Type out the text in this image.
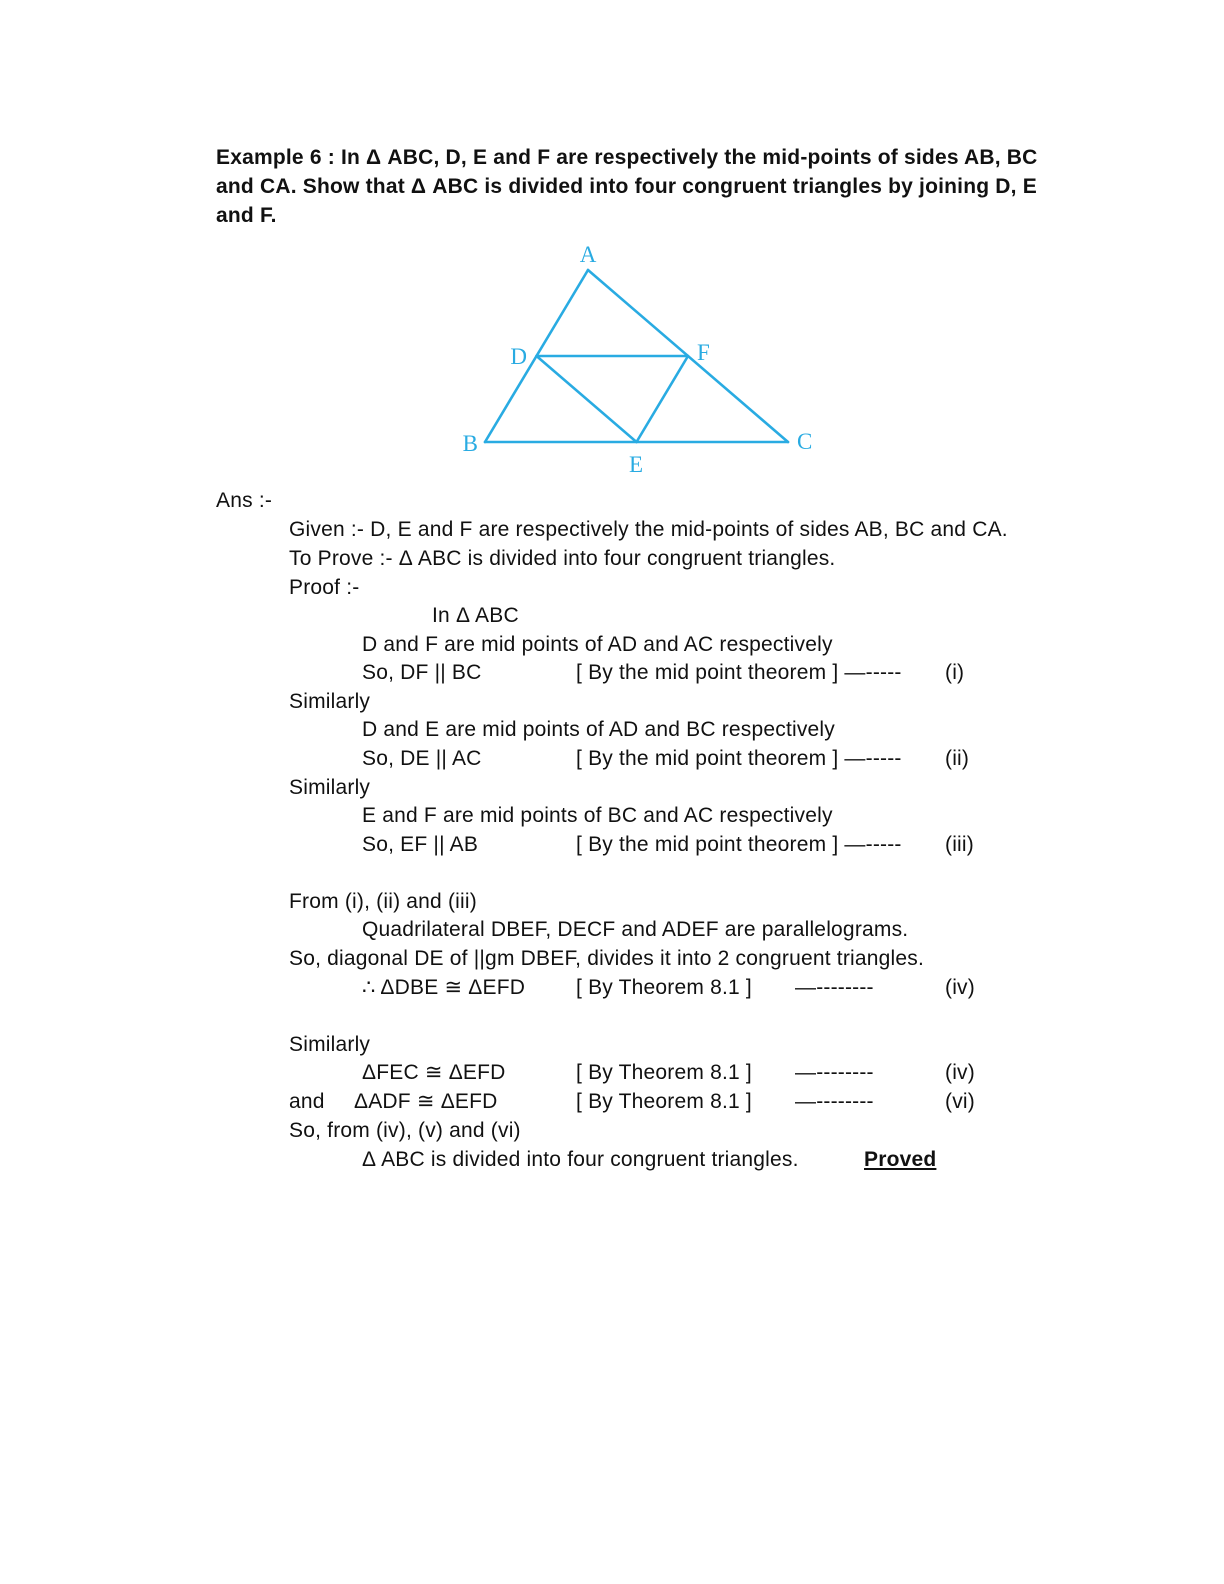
Example 6 : In Δ ABC, D, E and F are respectively the mid-points of sides AB, BC
and CA. Show that Δ ABC is divided into four congruent triangles by joining D, E
and F.
A
B	C
D
E
F
Ans :-
Given :- D, E and F are respectively the mid-points of sides AB, BC and CA.
To Prove :- Δ ABC is divided into four congruent triangles.
Proof :-
In Δ ABC
D and F are mid points of AD and AC respectively
So, DF || BC	[ By the mid point theorem ] —----- (i)
Similarly
D and E are mid points of AD and BC respectively
So, DE || AC	[ By the mid point theorem ] —----- (ii)
Similarly
E and F are mid points of BC and AC respectively
So, EF || AB	[ By the mid point theorem ] —----- (iii)
From (i), (ii) and (iii)
Quadrilateral DBEF, DECF and ADEF are parallelograms.
So, diagonal DE of ||gm DBEF, divides it into 2 congruent triangles.
∴ ΔDBE ≅ ΔEFD [ By Theorem 8.1 ] —--------	(iv)
Similarly
ΔFEC ≅ ΔEFD	[ By Theorem 8.1 ] —--------	(iv)
and ΔADF ≅ ΔEFD	[ By Theorem 8.1 ] —--------	(vi)
So, from (iv), (v) and (vi)
Δ ABC is divided into four congruent triangles.	Proved
